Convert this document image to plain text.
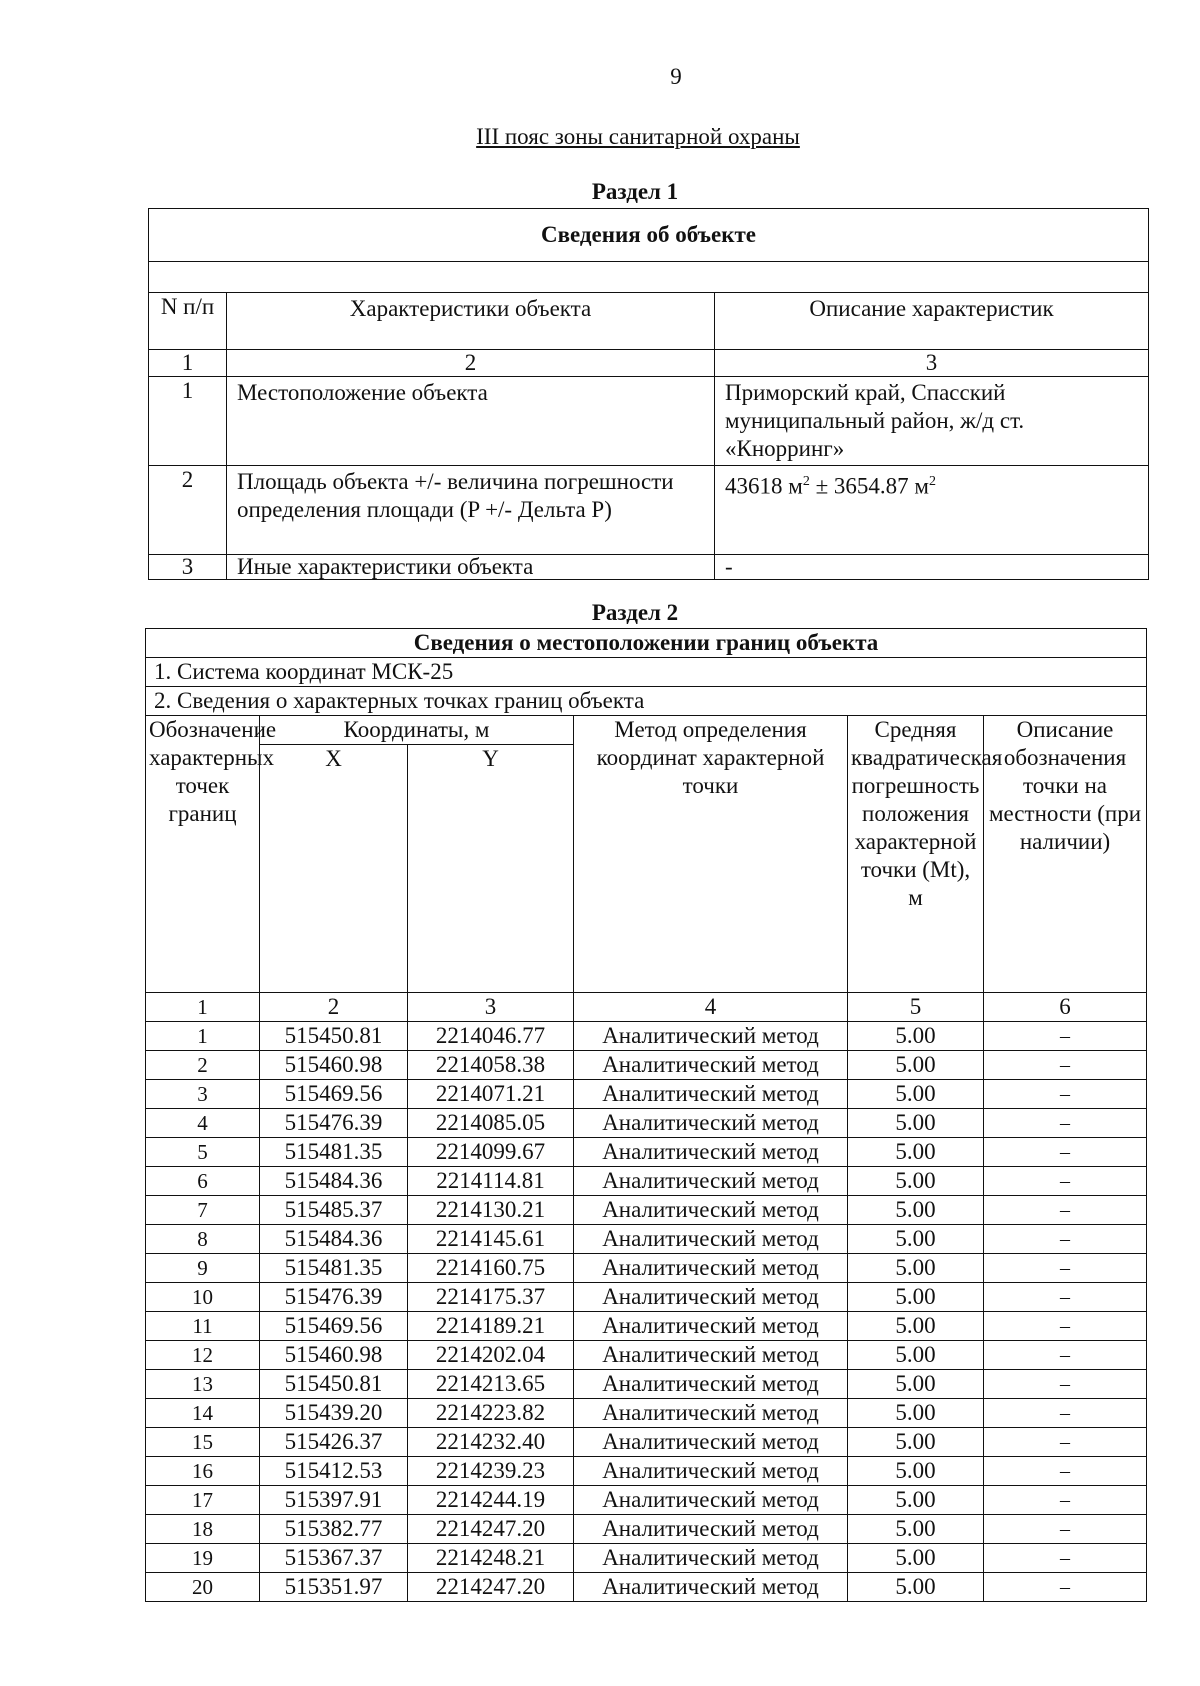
9
III пояс зоны санитарной охраны
Раздел 1
Сведения об объекте		

N п/п	Характеристики объекта	Описание характеристик
1	2	3
1	Местоположение объекта	Приморский край, Спасский муниципальный район, ж/д ст. «Кнорринг»
2	Площадь объекта +/- величина погрешности определения площади (P +/- Дельта P)	43618 $м^2 \pm 3654.87$ $м^2$
3	Иные характеристики объекта	-
Раздел 2
Сведения о местоположении границ объекта					
1. Система координат МСК-25					
2. Сведения о характерных точках границ объекта					
Обозначение характерных точек границ	Координаты, м		Метод определения координат характерной точки	Средняя квадратическая погрешность положения характерной точки (Mt), м	Описание обозначения точки на местности (при наличии)
	X	Y			
1	2	3	4	5	6
1	515450.81	2214046.77	Аналитический метод	5.00	–
2	515460.98	2214058.38	Аналитический метод	5.00	–
3	515469.56	2214071.21	Аналитический метод	5.00	–
4	515476.39	2214085.05	Аналитический метод	5.00	–
5	515481.35	2214099.67	Аналитический метод	5.00	–
6	515484.36	2214114.81	Аналитический метод	5.00	–
7	515485.37	2214130.21	Аналитический метод	5.00	–
8	515484.36	2214145.61	Аналитический метод	5.00	–
9	515481.35	2214160.75	Аналитический метод	5.00	–
10	515476.39	2214175.37	Аналитический метод	5.00	–
11	515469.56	2214189.21	Аналитический метод	5.00	–
12	515460.98	2214202.04	Аналитический метод	5.00	–
13	515450.81	2214213.65	Аналитический метод	5.00	–
14	515439.20	2214223.82	Аналитический метод	5.00	–
15	515426.37	2214232.40	Аналитический метод	5.00	–
16	515412.53	2214239.23	Аналитический метод	5.00	–
17	515397.91	2214244.19	Аналитический метод	5.00	–
18	515382.77	2214247.20	Аналитический метод	5.00	–
19	515367.37	2214248.21	Аналитический метод	5.00	–
20	515351.97	2214247.20	Аналитический метод	5.00	–
